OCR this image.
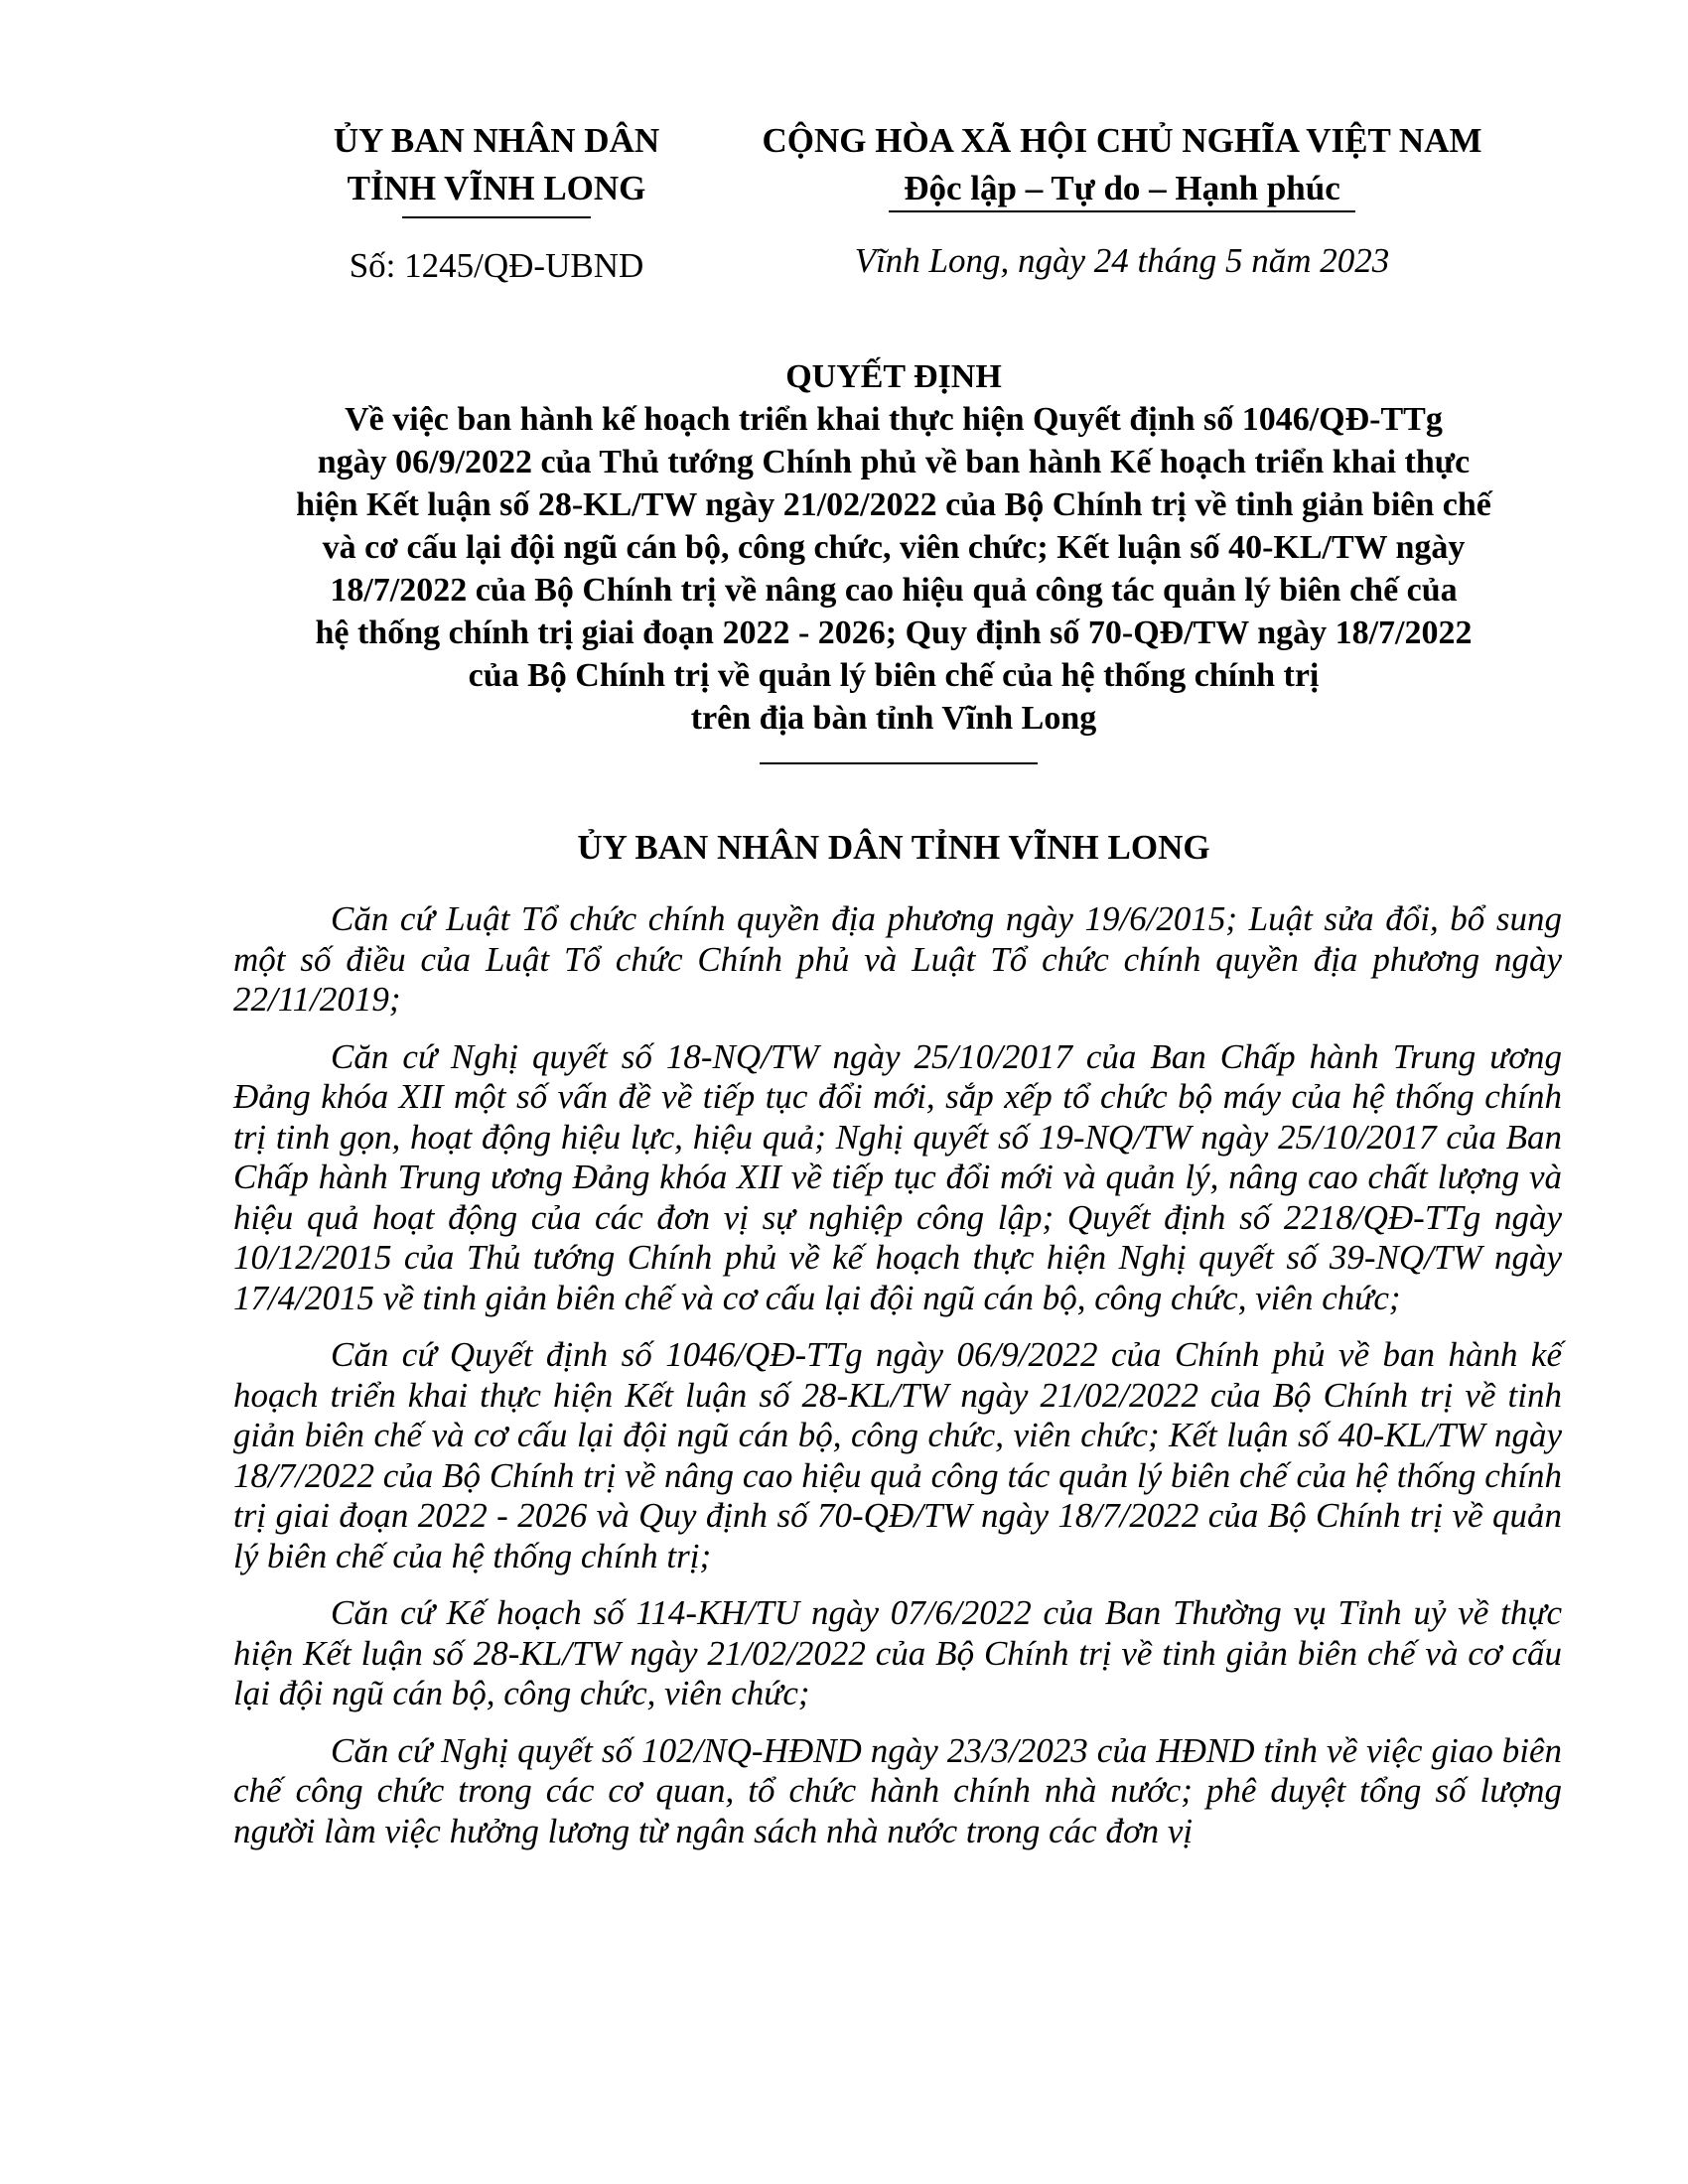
ỦY BAN NHÂN DÂN
TỈNH VĨNH LONG
CỘNG HÒA XÃ HỘI CHỦ NGHĨA VIỆT NAM
Độc lập – Tự do – Hạnh phúc
Số: 1245/QĐ-UBND	Vĩnh Long, ngày 24 tháng 5 năm 2023
QUYẾT ĐỊNH
Về việc ban hành kế hoạch triển khai thực hiện Quyết định số 1046/QĐ-TTg
ngày 06/9/2022 của Thủ tướng Chính phủ về ban hành Kế hoạch triển khai thực
hiện Kết luận số 28-KL/TW ngày 21/02/2022 của Bộ Chính trị về tinh giản biên chế
và cơ cấu lại đội ngũ cán bộ, công chức, viên chức; Kết luận số 40-KL/TW ngày
18/7/2022 của Bộ Chính trị về nâng cao hiệu quả công tác quản lý biên chế của
hệ thống chính trị giai đoạn 2022 - 2026; Quy định số 70-QĐ/TW ngày 18/7/2022
của Bộ Chính trị về quản lý biên chế của hệ thống chính trị
trên địa bàn tỉnh Vĩnh Long
ỦY BAN NHÂN DÂN TỈNH VĨNH LONG

Căn cứ Luật Tổ chức chính quyền địa phương ngày 19/6/2015; Luật sửa đổi, bổ sung một số điều của Luật Tổ chức Chính phủ và Luật Tổ chức chính quyền địa phương ngày 22/11/2019;

Căn cứ Nghị quyết số 18-NQ/TW ngày 25/10/2017 của Ban Chấp hành Trung ương Đảng khóa XII một số vấn đề về tiếp tục đổi mới, sắp xếp tổ chức bộ máy của hệ thống chính trị tinh gọn, hoạt động hiệu lực, hiệu quả; Nghị quyết số 19-NQ/TW ngày 25/10/2017 của Ban Chấp hành Trung ương Đảng khóa XII về tiếp tục đổi mới và quản lý, nâng cao chất lượng và hiệu quả hoạt động của các đơn vị sự nghiệp công lập; Quyết định số 2218/QĐ-TTg ngày 10/12/2015 của Thủ tướng Chính phủ về kế hoạch thực hiện Nghị quyết số 39-NQ/TW ngày 17/4/2015 về tinh giản biên chế và cơ cấu lại đội ngũ cán bộ, công chức, viên chức;

Căn cứ Quyết định số 1046/QĐ-TTg ngày 06/9/2022 của Chính phủ về ban hành kế hoạch triển khai thực hiện Kết luận số 28-KL/TW ngày 21/02/2022 của Bộ Chính trị về tinh giản biên chế và cơ cấu lại đội ngũ cán bộ, công chức, viên chức; Kết luận số 40-KL/TW ngày 18/7/2022 của Bộ Chính trị về nâng cao hiệu quả công tác quản lý biên chế của hệ thống chính trị giai đoạn 2022 - 2026 và Quy định số 70-QĐ/TW ngày 18/7/2022 của Bộ Chính trị về quản lý biên chế của hệ thống chính trị;

Căn cứ Kế hoạch số 114-KH/TU ngày 07/6/2022 của Ban Thường vụ Tỉnh uỷ về thực hiện Kết luận số 28-KL/TW ngày 21/02/2022 của Bộ Chính trị về tinh giản biên chế và cơ cấu lại đội ngũ cán bộ, công chức, viên chức;

Căn cứ Nghị quyết số 102/NQ-HĐND ngày 23/3/2023 của HĐND tỉnh về việc giao biên chế công chức trong các cơ quan, tổ chức hành chính nhà nước; phê duyệt tổng số lượng người làm việc hưởng lương từ ngân sách nhà nước trong các đơn vị
